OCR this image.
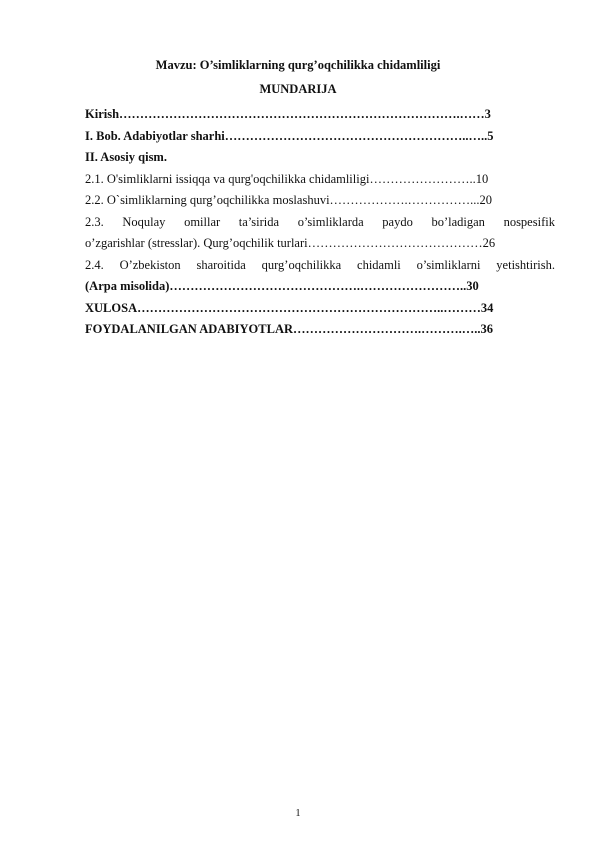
Mavzu: O’simliklarning qurg’oqchilikka chidamliligi
MUNDARIJA
Kirish……………………………………………………………………….……3
I. Bob. Adabiyotlar sharhi…………………………………………………..…..5
II. Asosiy qism.
2.1. O'simliklarni issiqqa va qurg'oqchilikka chidamliligi……………………..10
2.2. O`simliklarning qurg’oqchilikka moslashuvi……………….……………...20
2.3. Noqulay omillar ta’sirida o’simliklarda paydo bo’ladigan nospesifik
o’zgarishlar (stresslar). Qurg’oqchilik turlari……………………………………26
2.4. O’zbekiston sharoitida qurg’oqchilikka chidamli o’simliklarni yetishtirish.
(Arpa misolida)……………………………………….……………………..30
XULOSA………………………………………………………………..………34
FOYDALANILGAN ADABIYOTLAR………………………….……….…..36
1
